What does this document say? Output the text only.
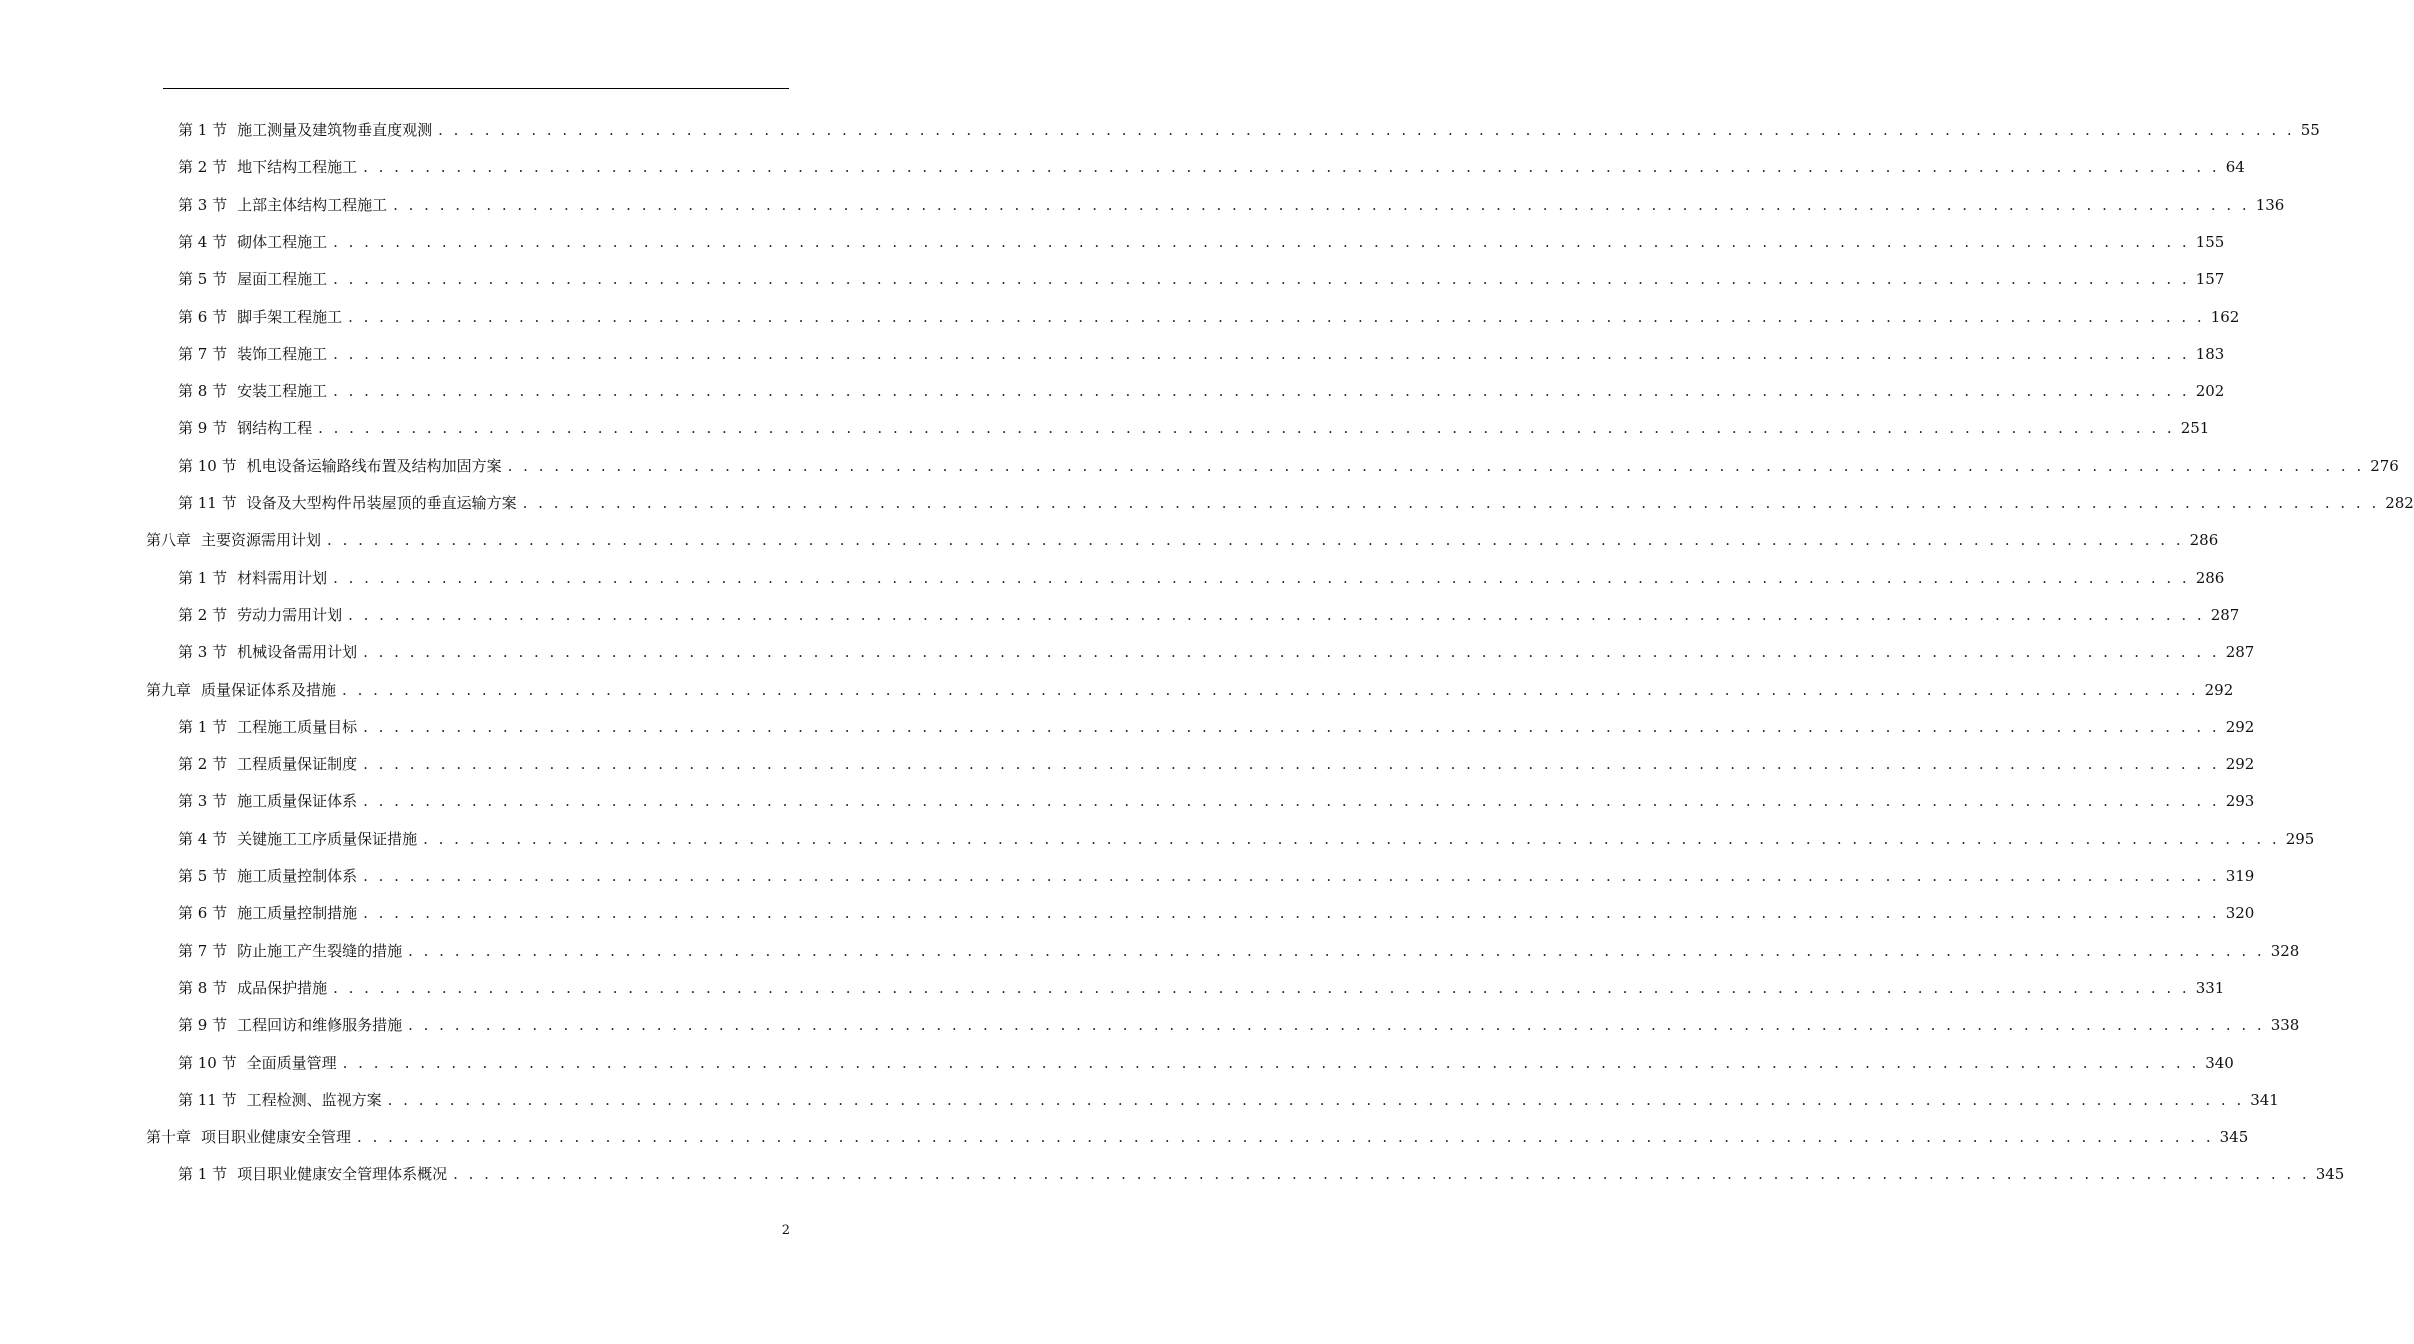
第 1 节 施工测量及建筑物垂直度观测 . . . . . . . . . . . . . . . . . . . . . . . . . . . . . . . . . . . . . . . . . . . . . . . . . . . . . . . . . . . . . . . . . . . . . . . . . . . . . . . . . . . . . . . . . . . . . . . . . . . . . . . . . . . . . . . . . . . . . . . . 55
第 2 节 地下结构工程施工 . . . . . . . . . . . . . . . . . . . . . . . . . . . . . . . . . . . . . . . . . . . . . . . . . . . . . . . . . . . . . . . . . . . . . . . . . . . . . . . . . . . . . . . . . . . . . . . . . . . . . . . . . . . . . . . . . . . . . . . . 64
第 3 节 上部主体结构工程施工 . . . . . . . . . . . . . . . . . . . . . . . . . . . . . . . . . . . . . . . . . . . . . . . . . . . . . . . . . . . . . . . . . . . . . . . . . . . . . . . . . . . . . . . . . . . . . . . . . . . . . . . . . . . . . . . . . . . . . . . . 136
第 4 节 砌体工程施工 . . . . . . . . . . . . . . . . . . . . . . . . . . . . . . . . . . . . . . . . . . . . . . . . . . . . . . . . . . . . . . . . . . . . . . . . . . . . . . . . . . . . . . . . . . . . . . . . . . . . . . . . . . . . . . . . . . . . . . . . 155
第 5 节 屋面工程施工 . . . . . . . . . . . . . . . . . . . . . . . . . . . . . . . . . . . . . . . . . . . . . . . . . . . . . . . . . . . . . . . . . . . . . . . . . . . . . . . . . . . . . . . . . . . . . . . . . . . . . . . . . . . . . . . . . . . . . . . . 157
第 6 节 脚手架工程施工 . . . . . . . . . . . . . . . . . . . . . . . . . . . . . . . . . . . . . . . . . . . . . . . . . . . . . . . . . . . . . . . . . . . . . . . . . . . . . . . . . . . . . . . . . . . . . . . . . . . . . . . . . . . . . . . . . . . . . . . . 162
第 7 节 装饰工程施工 . . . . . . . . . . . . . . . . . . . . . . . . . . . . . . . . . . . . . . . . . . . . . . . . . . . . . . . . . . . . . . . . . . . . . . . . . . . . . . . . . . . . . . . . . . . . . . . . . . . . . . . . . . . . . . . . . . . . . . . . 183
第 8 节 安装工程施工 . . . . . . . . . . . . . . . . . . . . . . . . . . . . . . . . . . . . . . . . . . . . . . . . . . . . . . . . . . . . . . . . . . . . . . . . . . . . . . . . . . . . . . . . . . . . . . . . . . . . . . . . . . . . . . . . . . . . . . . . 202
第 9 节 钢结构工程 . . . . . . . . . . . . . . . . . . . . . . . . . . . . . . . . . . . . . . . . . . . . . . . . . . . . . . . . . . . . . . . . . . . . . . . . . . . . . . . . . . . . . . . . . . . . . . . . . . . . . . . . . . . . . . . . . . . . . . . . 251
第 10 节 机电设备运输路线布置及结构加固方案 . . . . . . . . . . . . . . . . . . . . . . . . . . . . . . . . . . . . . . . . . . . . . . . . . . . . . . . . . . . . . . . . . . . . . . . . . . . . . . . . . . . . . . . . . . . . . . . . . . . . . . . . . . . . . . . . . . . . . . . . 276
第 11 节 设备及大型构件吊装屋顶的垂直运输方案 . . . . . . . . . . . . . . . . . . . . . . . . . . . . . . . . . . . . . . . . . . . . . . . . . . . . . . . . . . . . . . . . . . . . . . . . . . . . . . . . . . . . . . . . . . . . . . . . . . . . . . . . . . . . . . . . . . . . . . . . 282
第八章 主要资源需用计划 . . . . . . . . . . . . . . . . . . . . . . . . . . . . . . . . . . . . . . . . . . . . . . . . . . . . . . . . . . . . . . . . . . . . . . . . . . . . . . . . . . . . . . . . . . . . . . . . . . . . . . . . . . . . . . . . . . . . . . . . 286
第 1 节 材料需用计划 . . . . . . . . . . . . . . . . . . . . . . . . . . . . . . . . . . . . . . . . . . . . . . . . . . . . . . . . . . . . . . . . . . . . . . . . . . . . . . . . . . . . . . . . . . . . . . . . . . . . . . . . . . . . . . . . . . . . . . . . 286
第 2 节 劳动力需用计划 . . . . . . . . . . . . . . . . . . . . . . . . . . . . . . . . . . . . . . . . . . . . . . . . . . . . . . . . . . . . . . . . . . . . . . . . . . . . . . . . . . . . . . . . . . . . . . . . . . . . . . . . . . . . . . . . . . . . . . . . 287
第 3 节 机械设备需用计划 . . . . . . . . . . . . . . . . . . . . . . . . . . . . . . . . . . . . . . . . . . . . . . . . . . . . . . . . . . . . . . . . . . . . . . . . . . . . . . . . . . . . . . . . . . . . . . . . . . . . . . . . . . . . . . . . . . . . . . . . 287
第九章 质量保证体系及措施 . . . . . . . . . . . . . . . . . . . . . . . . . . . . . . . . . . . . . . . . . . . . . . . . . . . . . . . . . . . . . . . . . . . . . . . . . . . . . . . . . . . . . . . . . . . . . . . . . . . . . . . . . . . . . . . . . . . . . . . . 292
第 1 节 工程施工质量目标 . . . . . . . . . . . . . . . . . . . . . . . . . . . . . . . . . . . . . . . . . . . . . . . . . . . . . . . . . . . . . . . . . . . . . . . . . . . . . . . . . . . . . . . . . . . . . . . . . . . . . . . . . . . . . . . . . . . . . . . . 292
第 2 节 工程质量保证制度 . . . . . . . . . . . . . . . . . . . . . . . . . . . . . . . . . . . . . . . . . . . . . . . . . . . . . . . . . . . . . . . . . . . . . . . . . . . . . . . . . . . . . . . . . . . . . . . . . . . . . . . . . . . . . . . . . . . . . . . . 292
第 3 节 施工质量保证体系 . . . . . . . . . . . . . . . . . . . . . . . . . . . . . . . . . . . . . . . . . . . . . . . . . . . . . . . . . . . . . . . . . . . . . . . . . . . . . . . . . . . . . . . . . . . . . . . . . . . . . . . . . . . . . . . . . . . . . . . . 293
第 4 节 关键施工工序质量保证措施 . . . . . . . . . . . . . . . . . . . . . . . . . . . . . . . . . . . . . . . . . . . . . . . . . . . . . . . . . . . . . . . . . . . . . . . . . . . . . . . . . . . . . . . . . . . . . . . . . . . . . . . . . . . . . . . . . . . . . . . . 295
第 5 节 施工质量控制体系 . . . . . . . . . . . . . . . . . . . . . . . . . . . . . . . . . . . . . . . . . . . . . . . . . . . . . . . . . . . . . . . . . . . . . . . . . . . . . . . . . . . . . . . . . . . . . . . . . . . . . . . . . . . . . . . . . . . . . . . . 319
第 6 节 施工质量控制措施 . . . . . . . . . . . . . . . . . . . . . . . . . . . . . . . . . . . . . . . . . . . . . . . . . . . . . . . . . . . . . . . . . . . . . . . . . . . . . . . . . . . . . . . . . . . . . . . . . . . . . . . . . . . . . . . . . . . . . . . . 320
第 7 节 防止施工产生裂缝的措施 . . . . . . . . . . . . . . . . . . . . . . . . . . . . . . . . . . . . . . . . . . . . . . . . . . . . . . . . . . . . . . . . . . . . . . . . . . . . . . . . . . . . . . . . . . . . . . . . . . . . . . . . . . . . . . . . . . . . . . . . 328
第 8 节 成品保护措施 . . . . . . . . . . . . . . . . . . . . . . . . . . . . . . . . . . . . . . . . . . . . . . . . . . . . . . . . . . . . . . . . . . . . . . . . . . . . . . . . . . . . . . . . . . . . . . . . . . . . . . . . . . . . . . . . . . . . . . . . 331
第 9 节 工程回访和维修服务措施 . . . . . . . . . . . . . . . . . . . . . . . . . . . . . . . . . . . . . . . . . . . . . . . . . . . . . . . . . . . . . . . . . . . . . . . . . . . . . . . . . . . . . . . . . . . . . . . . . . . . . . . . . . . . . . . . . . . . . . . . 338
第 10 节 全面质量管理 . . . . . . . . . . . . . . . . . . . . . . . . . . . . . . . . . . . . . . . . . . . . . . . . . . . . . . . . . . . . . . . . . . . . . . . . . . . . . . . . . . . . . . . . . . . . . . . . . . . . . . . . . . . . . . . . . . . . . . . . 340
第 11 节 工程检测、监视方案 . . . . . . . . . . . . . . . . . . . . . . . . . . . . . . . . . . . . . . . . . . . . . . . . . . . . . . . . . . . . . . . . . . . . . . . . . . . . . . . . . . . . . . . . . . . . . . . . . . . . . . . . . . . . . . . . . . . . . . . . 341
第十章 项目职业健康安全管理 . . . . . . . . . . . . . . . . . . . . . . . . . . . . . . . . . . . . . . . . . . . . . . . . . . . . . . . . . . . . . . . . . . . . . . . . . . . . . . . . . . . . . . . . . . . . . . . . . . . . . . . . . . . . . . . . . . . . . . . . 345
第 1 节 项目职业健康安全管理体系概况 . . . . . . . . . . . . . . . . . . . . . . . . . . . . . . . . . . . . . . . . . . . . . . . . . . . . . . . . . . . . . . . . . . . . . . . . . . . . . . . . . . . . . . . . . . . . . . . . . . . . . . . . . . . . . . . . . . . . . . . . 345
2
